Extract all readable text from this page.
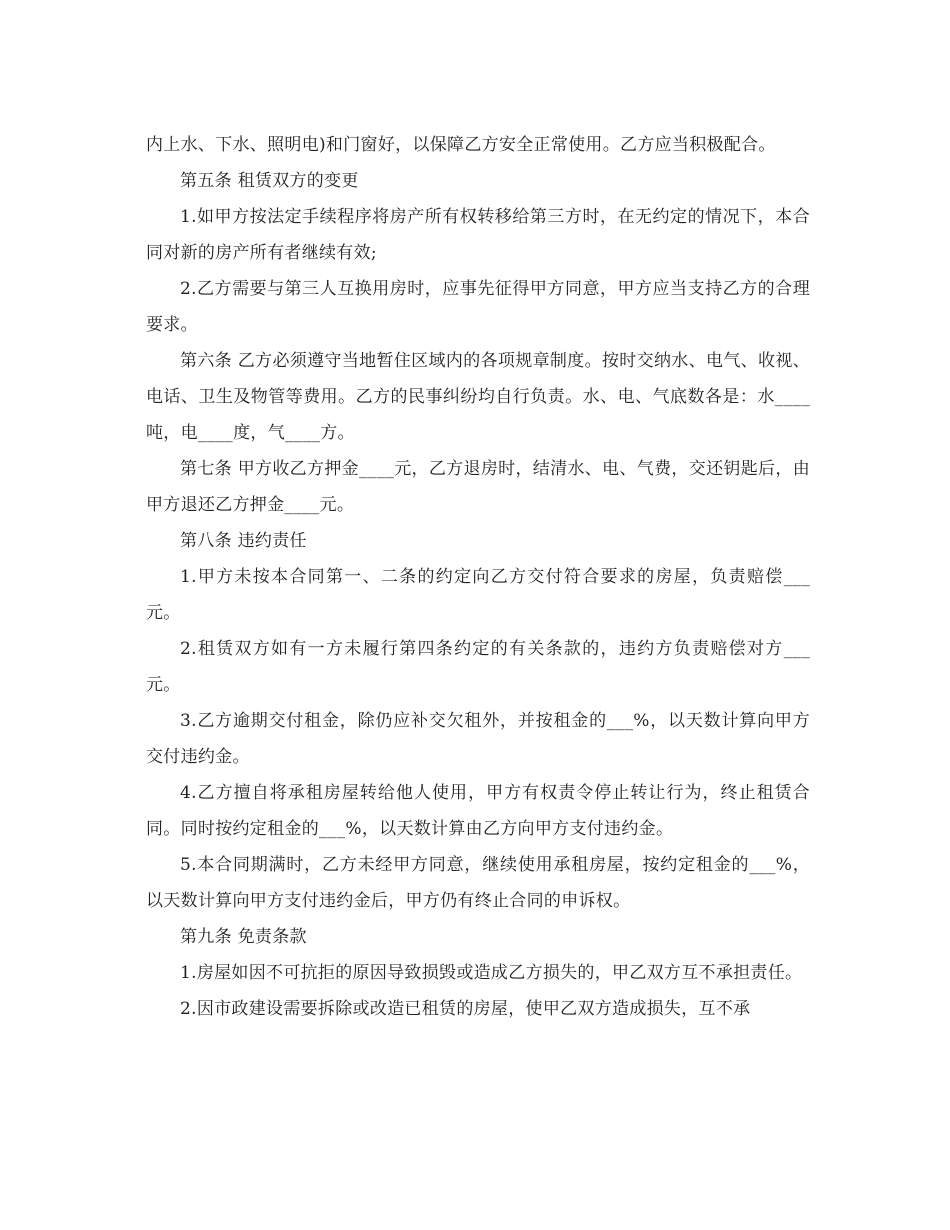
内上水、下水、照明电)和门窗好，以保障乙方安全正常使用。乙方应当积极配合。

第五条 租赁双方的变更

1.如甲方按法定手续程序将房产所有权转移给第三方时，在无约定的情况下，本合同对新的房产所有者继续有效;

2.乙方需要与第三人互换用房时，应事先征得甲方同意，甲方应当支持乙方的合理要求。

第六条 乙方必须遵守当地暂住区域内的各项规章制度。按时交纳水、电气、收视、电话、卫生及物管等费用。乙方的民事纠纷均自行负责。水、电、气底数各是：水____吨，电____度，气____方。

第七条 甲方收乙方押金____元，乙方退房时，结清水、电、气费，交还钥匙后，由甲方退还乙方押金____元。

第八条 违约责任

1.甲方未按本合同第一、二条的约定向乙方交付符合要求的房屋，负责赔偿___元。

2.租赁双方如有一方未履行第四条约定的有关条款的，违约方负责赔偿对方___元。

3.乙方逾期交付租金，除仍应补交欠租外，并按租金的___%，以天数计算向甲方交付违约金。

4.乙方擅自将承租房屋转给他人使用，甲方有权责令停止转让行为，终止租赁合同。同时按约定租金的___%，以天数计算由乙方向甲方支付违约金。

5.本合同期满时，乙方未经甲方同意，继续使用承租房屋，按约定租金的___%，以天数计算向甲方支付违约金后，甲方仍有终止合同的申诉权。

第九条 免责条款

1.房屋如因不可抗拒的原因导致损毁或造成乙方损失的，甲乙双方互不承担责任。

2.因市政建设需要拆除或改造已租赁的房屋，使甲乙双方造成损失，互不承
